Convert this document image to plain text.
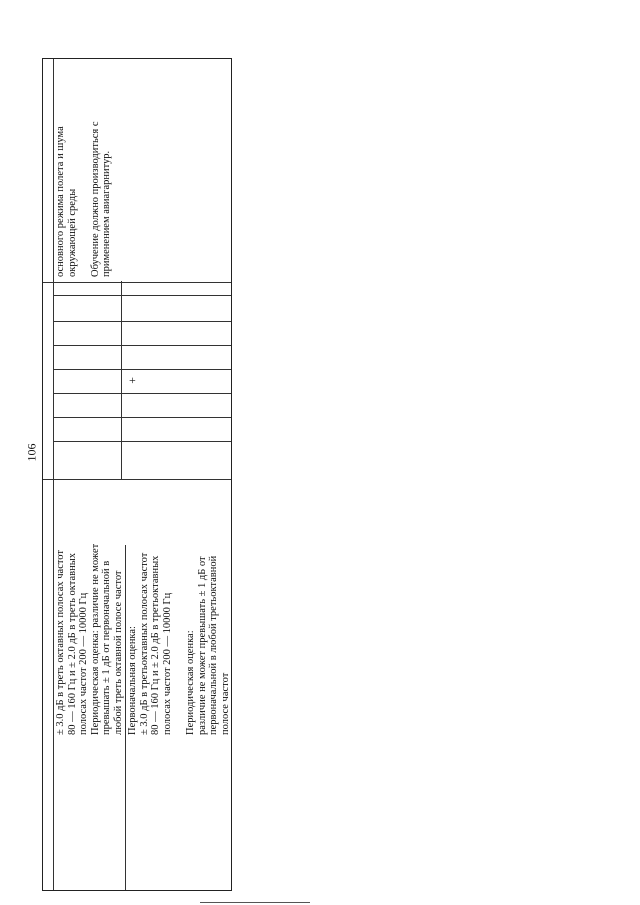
106
+
± 3.0 дБ в треть октавных полосах частот 80 — 160 Гц и ± 2.0 дБ в треть октавных полосах частот 200 — 10000 Гц Периодическая оценка: различие не может превышать ± 1 дБ от первоначальной в любой треть октавной полосе частот Первоначальная оценка: ± 3.0 дБ в третьоктавных полосах частот 80 — 160 Гц и ± 2.0 дБ в третьоктавных полосах частот 200 — 10000 Гц
Периодическая оценка: различие не может превышать ± 1 дБ от первоначальной в любой третьоктавной полосе частот
основного режима полета и шума окружающей среды
Обучение должно производиться с применением авиагарнитур.
